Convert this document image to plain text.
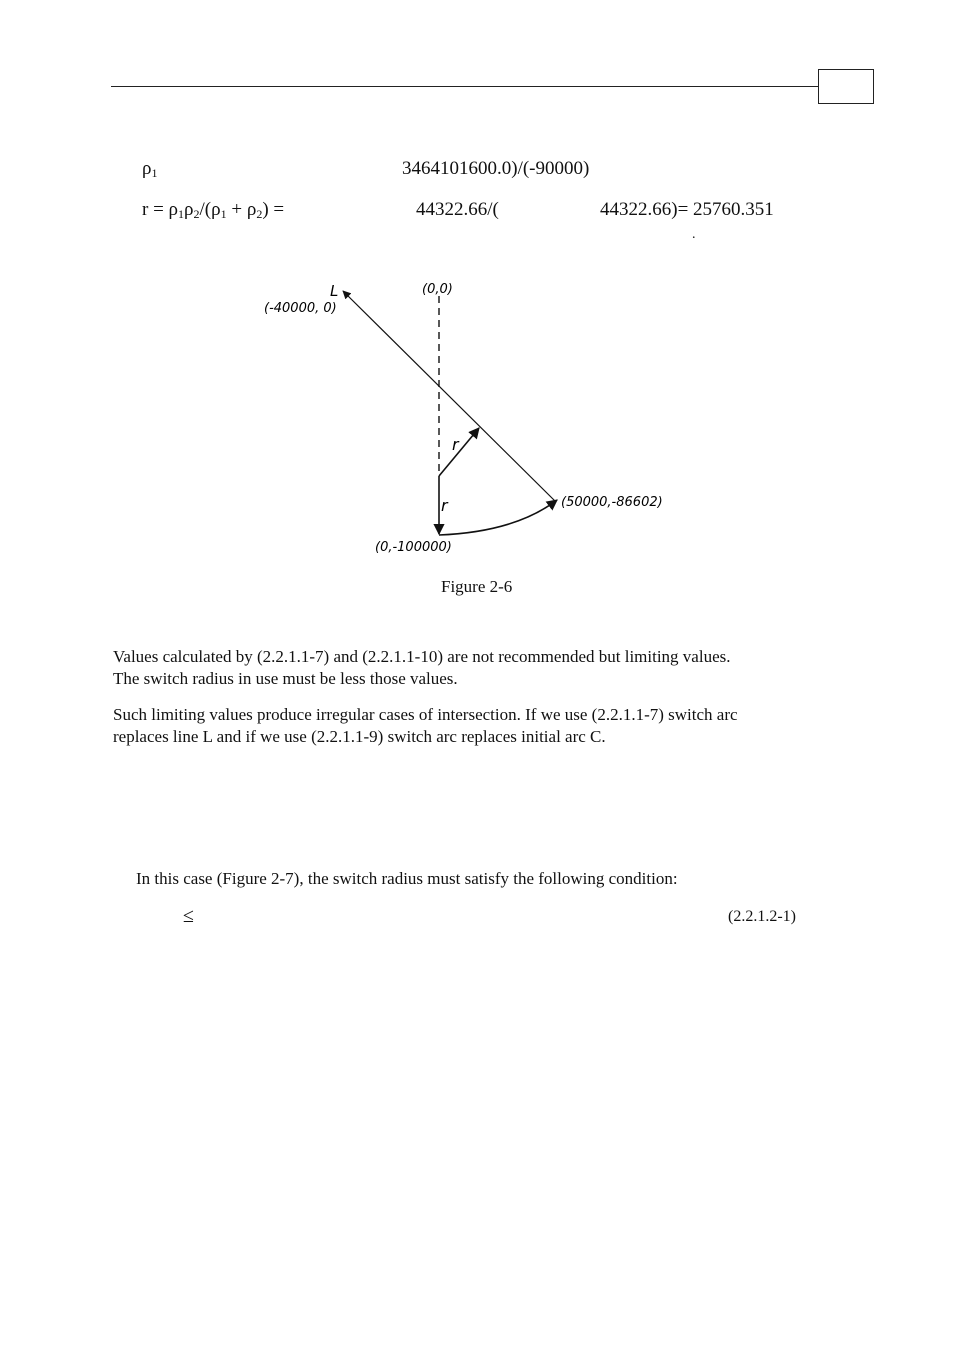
$\rho_1$	3464101600.0)/(-90000)
$r = \rho_1\rho_2/(\rho_1 + \rho_2)$ =	44322.66/(	44322.66)= 25760.351
.
L	(0,0)
(-40000, 0)
r
r	(50000,-86602)
(0,-100000)
Figure 2-6
Values calculated by (2.2.1.1-7) and (2.2.1.1-10) are not recommended but limiting values.
The switch radius in use must be less those values.
Such limiting values produce irregular cases of intersection. If we use (2.2.1.1-7) switch arc
replaces line L and if we use (2.2.1.1-9) switch arc replaces initial arc C.
In this case (Figure 2-7), the switch radius must satisfy the following condition:
≤	(2.2.1.2-1)
